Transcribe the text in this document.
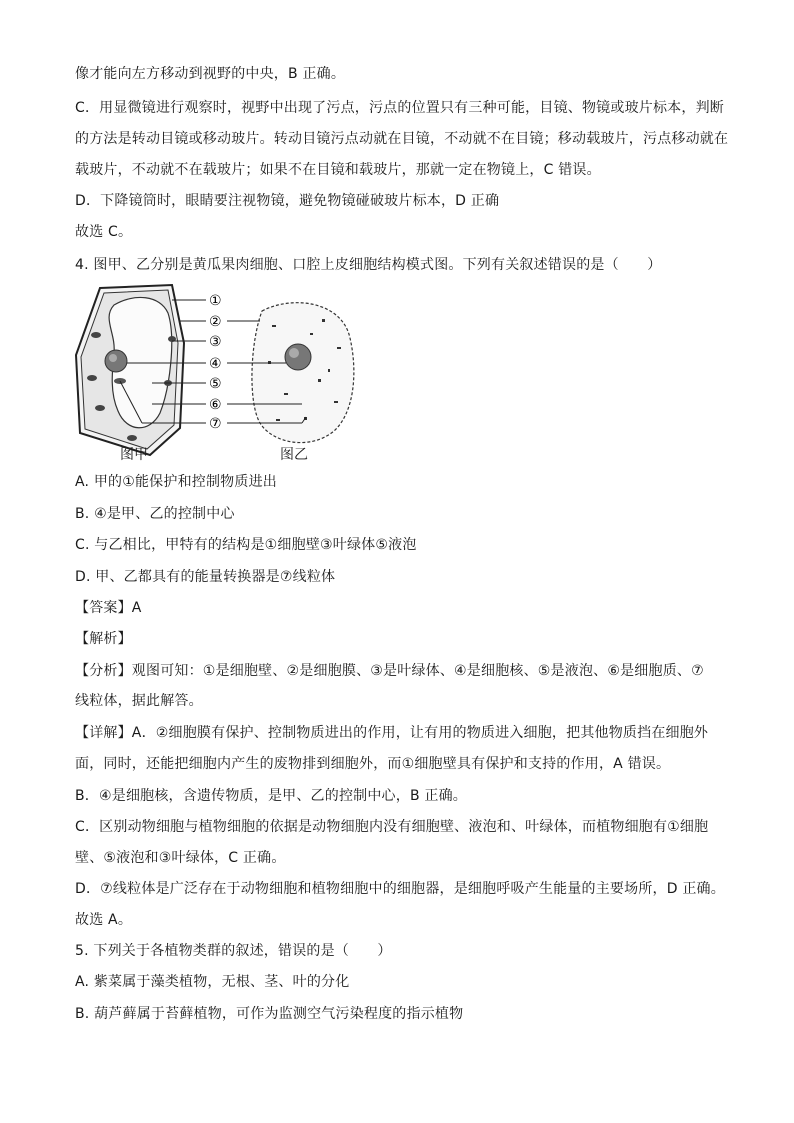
像才能向左方移动到视野的中央，B 正确。
C．用显微镜进行观察时，视野中出现了污点，污点的位置只有三种可能，目镜、物镜或玻片标本，判断
的方法是转动目镜或移动玻片。转动目镜污点动就在目镜，不动就不在目镜；移动载玻片，污点移动就在
载玻片，不动就不在载玻片；如果不在目镜和载玻片，那就一定在物镜上，C 错误。
D．下降镜筒时，眼睛要注视物镜，避免物镜碰破玻片标本，D 正确
故选 C。
4. 图甲、乙分别是黄瓜果肉细胞、口腔上皮细胞结构模式图。下列有关叙述错误的是（　　）
①
②
③
④
⑤
⑥
⑦
图甲	图乙
A. 甲的①能保护和控制物质进出
B. ④是甲、乙的控制中心
C. 与乙相比，甲特有的结构是①细胞壁③叶绿体⑤液泡
D. 甲、乙都具有的能量转换器是⑦线粒体
【答案】A
【解析】
【分析】观图可知：①是细胞壁、②是细胞膜、③是叶绿体、④是细胞核、⑤是液泡、⑥是细胞质、⑦
线粒体，据此解答。
【详解】A．②细胞膜有保护、控制物质进出的作用，让有用的物质进入细胞，把其他物质挡在细胞外
面，同时，还能把细胞内产生的废物排到细胞外，而①细胞壁具有保护和支持的作用，A 错误。
B．④是细胞核，含遗传物质，是甲、乙的控制中心，B 正确。
C．区别动物细胞与植物细胞的依据是动物细胞内没有细胞壁、液泡和、叶绿体，而植物细胞有①细胞
壁、⑤液泡和③叶绿体，C 正确。
D．⑦线粒体是广泛存在于动物细胞和植物细胞中的细胞器，是细胞呼吸产生能量的主要场所，D 正确。
故选 A。
5. 下列关于各植物类群的叙述，错误的是（　　）
A. 紫菜属于藻类植物，无根、茎、叶的分化
B. 葫芦藓属于苔藓植物，可作为监测空气污染程度的指示植物
